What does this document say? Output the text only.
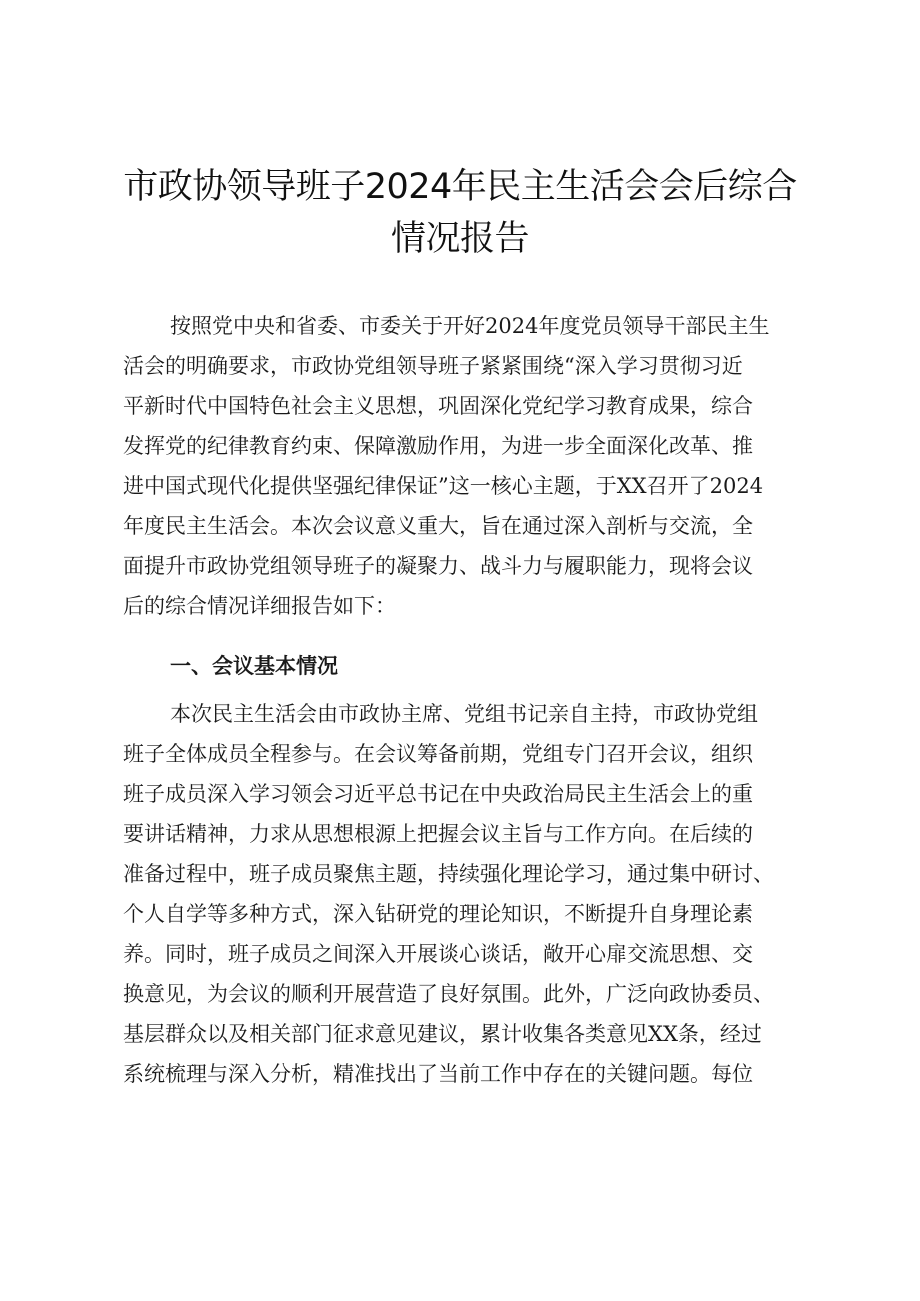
市政协领导班子2024年民主生活会会后综合
情况报告
按照党中央和省委、市委关于开好2024年度党员领导干部民主生
活会的明确要求，市政协党组领导班子紧紧围绕“深入学习贯彻习近
平新时代中国特色社会主义思想，巩固深化党纪学习教育成果，综合
发挥党的纪律教育约束、保障激励作用，为进一步全面深化改革、推
进中国式现代化提供坚强纪律保证”这一核心主题，于XX召开了2024
年度民主生活会。本次会议意义重大，旨在通过深入剖析与交流，全
面提升市政协党组领导班子的凝聚力、战斗力与履职能力，现将会议
后的综合情况详细报告如下：
一、会议基本情况
本次民主生活会由市政协主席、党组书记亲自主持，市政协党组
班子全体成员全程参与。在会议筹备前期，党组专门召开会议，组织
班子成员深入学习领会习近平总书记在中央政治局民主生活会上的重
要讲话精神，力求从思想根源上把握会议主旨与工作方向。在后续的
准备过程中，班子成员聚焦主题，持续强化理论学习，通过集中研讨、
个人自学等多种方式，深入钻研党的理论知识，不断提升自身理论素
养。同时，班子成员之间深入开展谈心谈话，敞开心扉交流思想、交
换意见，为会议的顺利开展营造了良好氛围。此外，广泛向政协委员、
基层群众以及相关部门征求意见建议，累计收集各类意见XX条，经过
系统梳理与深入分析，精准找出了当前工作中存在的关键问题。每位
